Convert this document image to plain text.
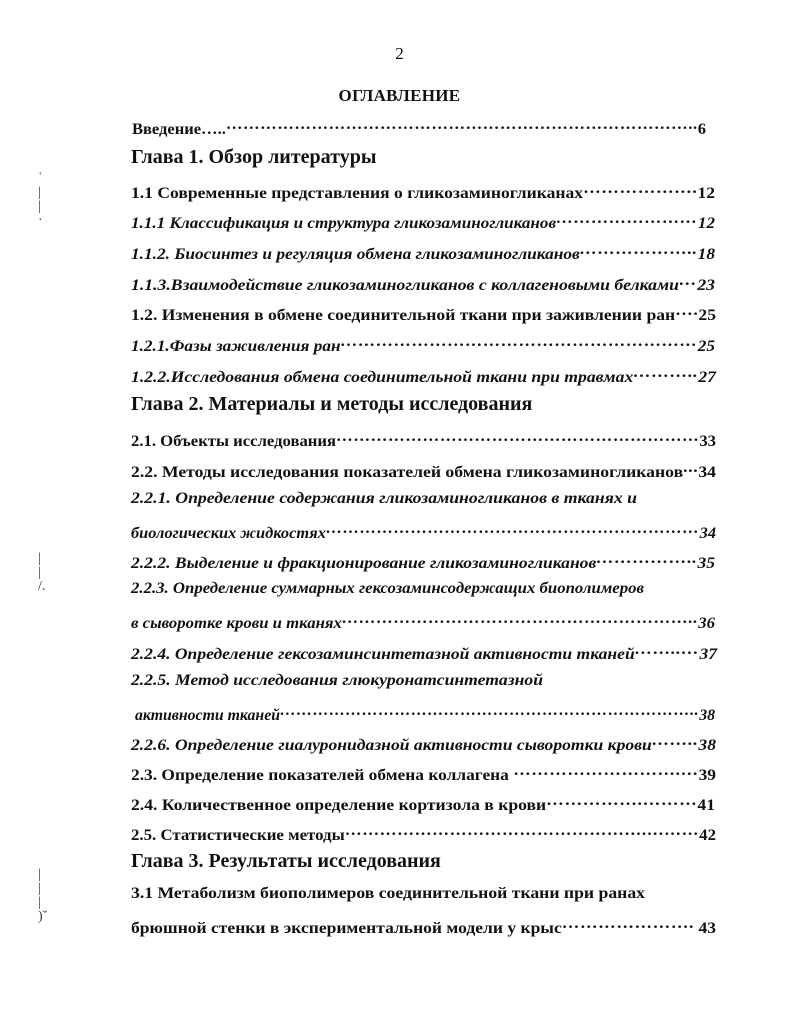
2
ОГЛАВЛЕНИЕ
ʿ
|
|
·
|
|
/.
|
|
|
)ˇ
Введение…..………………………………………………………………………..6
Глава 1. Обзор литературы
1.1 Современные представления о гликозаминогликанах……………….12
1.1.1 Классификация и структура гликозаминогликанов……………………12
1.1.2. Биосинтез и регуляция обмена гликозаминогликанов………………..18
1.1.3.Взаимодействие гликозаминогликанов с коллагеновыми белками…23
1.2. Изменения в обмене соединительной ткани при заживлении ран….25
1.2.1.Фазы заживления ран……………………………………………………25
1.2.2.Исследования обмена соединительной ткани при травмах………..27
Глава 2. Материалы и методы исследования
2.1. Объекты исследования………………………………………………………33
2.2. Методы исследования показателей обмена гликозаминогликанов...34
2.2.1. Определение содержания гликозаминогликанов в тканях и
биологических жидкостях…………………………………………………………34
2.2.2. Выделение и фракционирование гликозаминогликанов……………..35
2.2.3. Определение суммарных гексозаминсодержащих биополимеров
в сыворотке крови и тканях……………………………………………………..36
2.2.4. Определение гексозаминсинтетазной активности тканей……..…37
2.2.5. Метод исследования глюкуронатсинтетазной
активности тканей…………………………………………………………………..38
2.2.6. Определение гиалуронидазной активности сыворотки крови……..38
2.3. Определение показателей обмена коллагена ……………………….…39
2.4. Количественное определение кортизола в крови…………….………41
2.5. Статистические методы…………………………………………….………42
Глава 3. Результаты исследования
3.1 Метаболизм биополимеров соединительной ткани при ранах
брюшной стенки в экспериментальной модели у крыс…………………. 43
